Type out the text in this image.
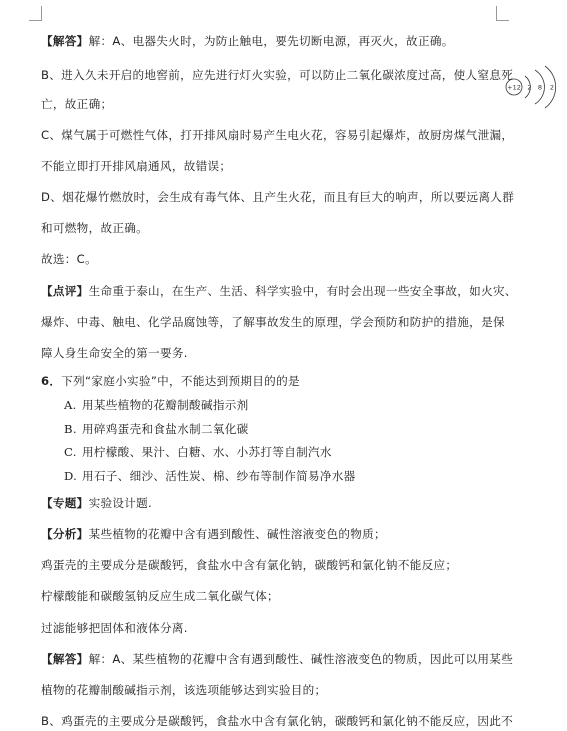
【解答】解：A、电器失火时，为防止触电，要先切断电源，再灭火，故正确。
B、进入久未开启的地窖前，应先进行灯火实验，可以防止二氧化碳浓度过高，使人窒息死
亡，故正确；
C、煤气属于可燃性气体，打开排风扇时易产生电火花，容易引起爆炸，故厨房煤气泄漏，
不能立即打开排风扇通风，故错误；
D、烟花爆竹燃放时，会生成有毒气体、且产生火花，而且有巨大的响声，所以要远离人群
和可燃物，故正确。
故选：C。
【点评】生命重于泰山，在生产、生活、科学实验中，有时会出现一些安全事故，如火灾、
爆炸、中毒、触电、化学品腐蚀等，了解事故发生的原理，学会预防和防护的措施，是保
障人身生命安全的第一要务.
+12 2 8 2
6．下列“家庭小实验”中，不能达到预期目的的是
A. 用某些植物的花瓣制酸碱指示剂
B. 用碎鸡蛋壳和食盐水制二氧化碳
C. 用柠檬酸、果汁、白糖、水、小苏打等自制汽水
D. 用石子、细沙、活性炭、棉、纱布等制作简易净水器
【专题】实验设计题.
【分析】某些植物的花瓣中含有遇到酸性、碱性溶液变色的物质；
鸡蛋壳的主要成分是碳酸钙，食盐水中含有氯化钠，碳酸钙和氯化钠不能反应；
柠檬酸能和碳酸氢钠反应生成二氧化碳气体；
过滤能够把固体和液体分离.
【解答】解：A、某些植物的花瓣中含有遇到酸性、碱性溶液变色的物质，因此可以用某些
植物的花瓣制酸碱指示剂，该选项能够达到实验目的；
B、鸡蛋壳的主要成分是碳酸钙，食盐水中含有氯化钠，碳酸钙和氯化钠不能反应，因此不
